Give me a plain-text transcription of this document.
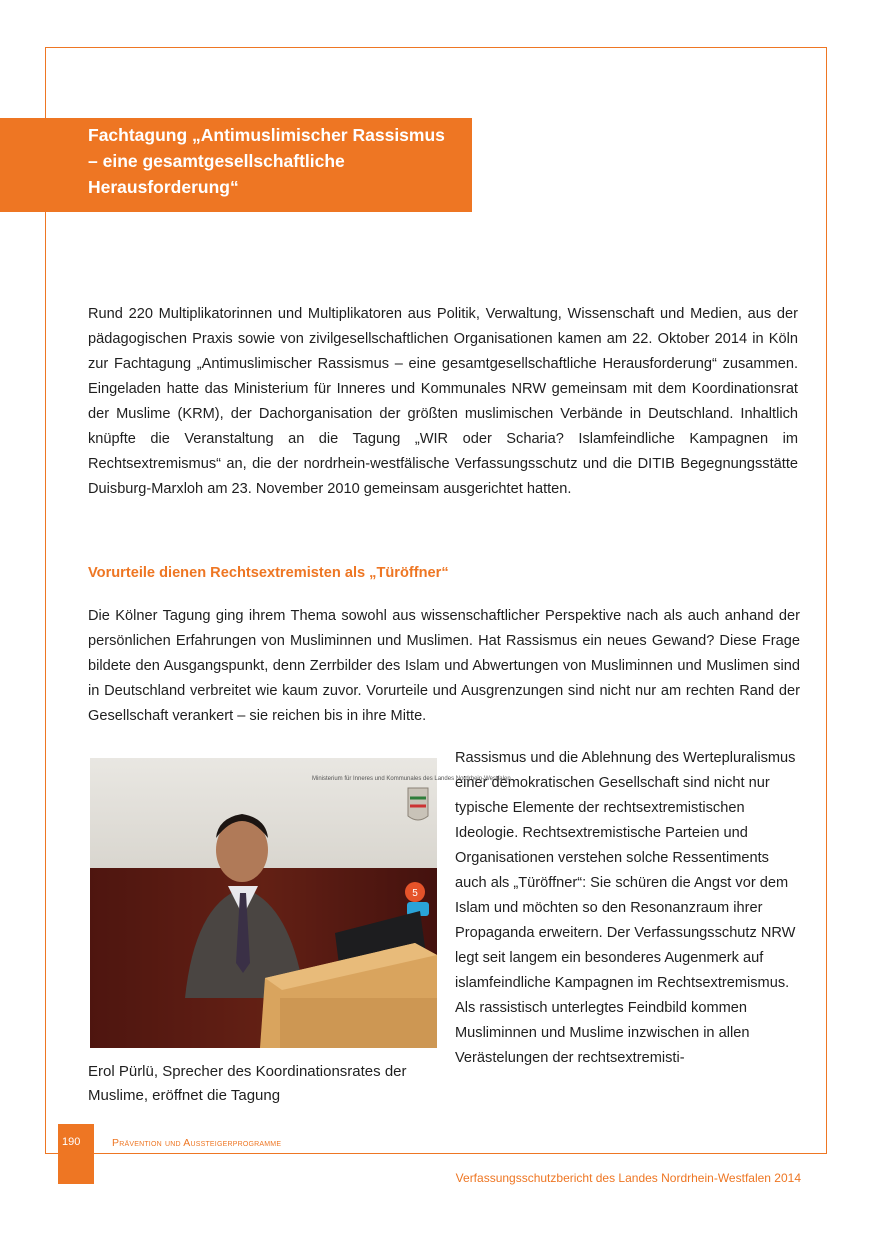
Fachtagung „Antimuslimischer Rassismus – eine gesamtgesellschaftliche Herausforderung“

Rund 220 Multiplikatorinnen und Multiplikatoren aus Politik, Verwaltung, Wissenschaft und Medien, aus der pädagogischen Praxis sowie von zivilgesellschaftlichen Organisationen kamen am 22. Oktober 2014 in Köln zur Fachtagung „Antimuslimischer Rassismus – eine gesamtgesellschaftliche Herausforderung“ zusammen. Eingeladen hatte das Ministerium für Inneres und Kommunales NRW gemeinsam mit dem Koordinationsrat der Muslime (KRM), der Dachorganisation der größten muslimischen Verbände in Deutschland. Inhaltlich knüpfte die Veranstaltung an die Tagung „WIR oder Scharia? Islamfeindliche Kampagnen im Rechtsextremismus“ an, die der nordrhein-westfälische Verfassungsschutz und die DITIB Begegnungsstätte Duisburg-Marxloh am 23. November 2010 gemeinsam ausgerichtet hatten.

Vorurteile dienen Rechtsextremisten als „Türöffner“

Die Kölner Tagung ging ihrem Thema sowohl aus wissenschaftlicher Perspektive nach als auch anhand der persönlichen Erfahrungen von Musliminnen und Muslimen. Hat Rassismus ein neues Gewand? Diese Frage bildete den Ausgangspunkt, denn Zerrbilder des Islam und Abwertungen von Musliminnen und Muslimen sind in Deutschland verbreitet wie kaum zuvor. Vorurteile und Ausgrenzungen sind nicht nur am rechten Rand der Gesellschaft verankert – sie reichen bis in ihre Mitte.

Ministerium für Inneres und Kommunales des Landes Nordrhein-Westfalen
5

Erol Pürlü, Sprecher des Koordinationsrates der Muslime, eröffnet die Tagung

Rassismus und die Ablehnung des Wertepluralismus einer demokratischen Gesellschaft sind nicht nur typische Elemente der rechtsextremistischen Ideologie. Rechtsextremistische Parteien und Organisationen verstehen solche Ressentiments auch als „Türöffner“: Sie schüren die Angst vor dem Islam und möchten so den Resonanzraum ihrer Propaganda erweitern. Der Verfassungsschutz NRW legt seit langem ein besonderes Augenmerk auf islamfeindliche Kampagnen im Rechtsextremismus. Als rassistisch unterlegtes Feindbild kommen Musliminnen und Muslime inzwischen in allen Verästelungen der rechtsextremisti-

190	Prävention und Aussteigerprogramme
Verfassungsschutzbericht des Landes Nordrhein-Westfalen 2014
